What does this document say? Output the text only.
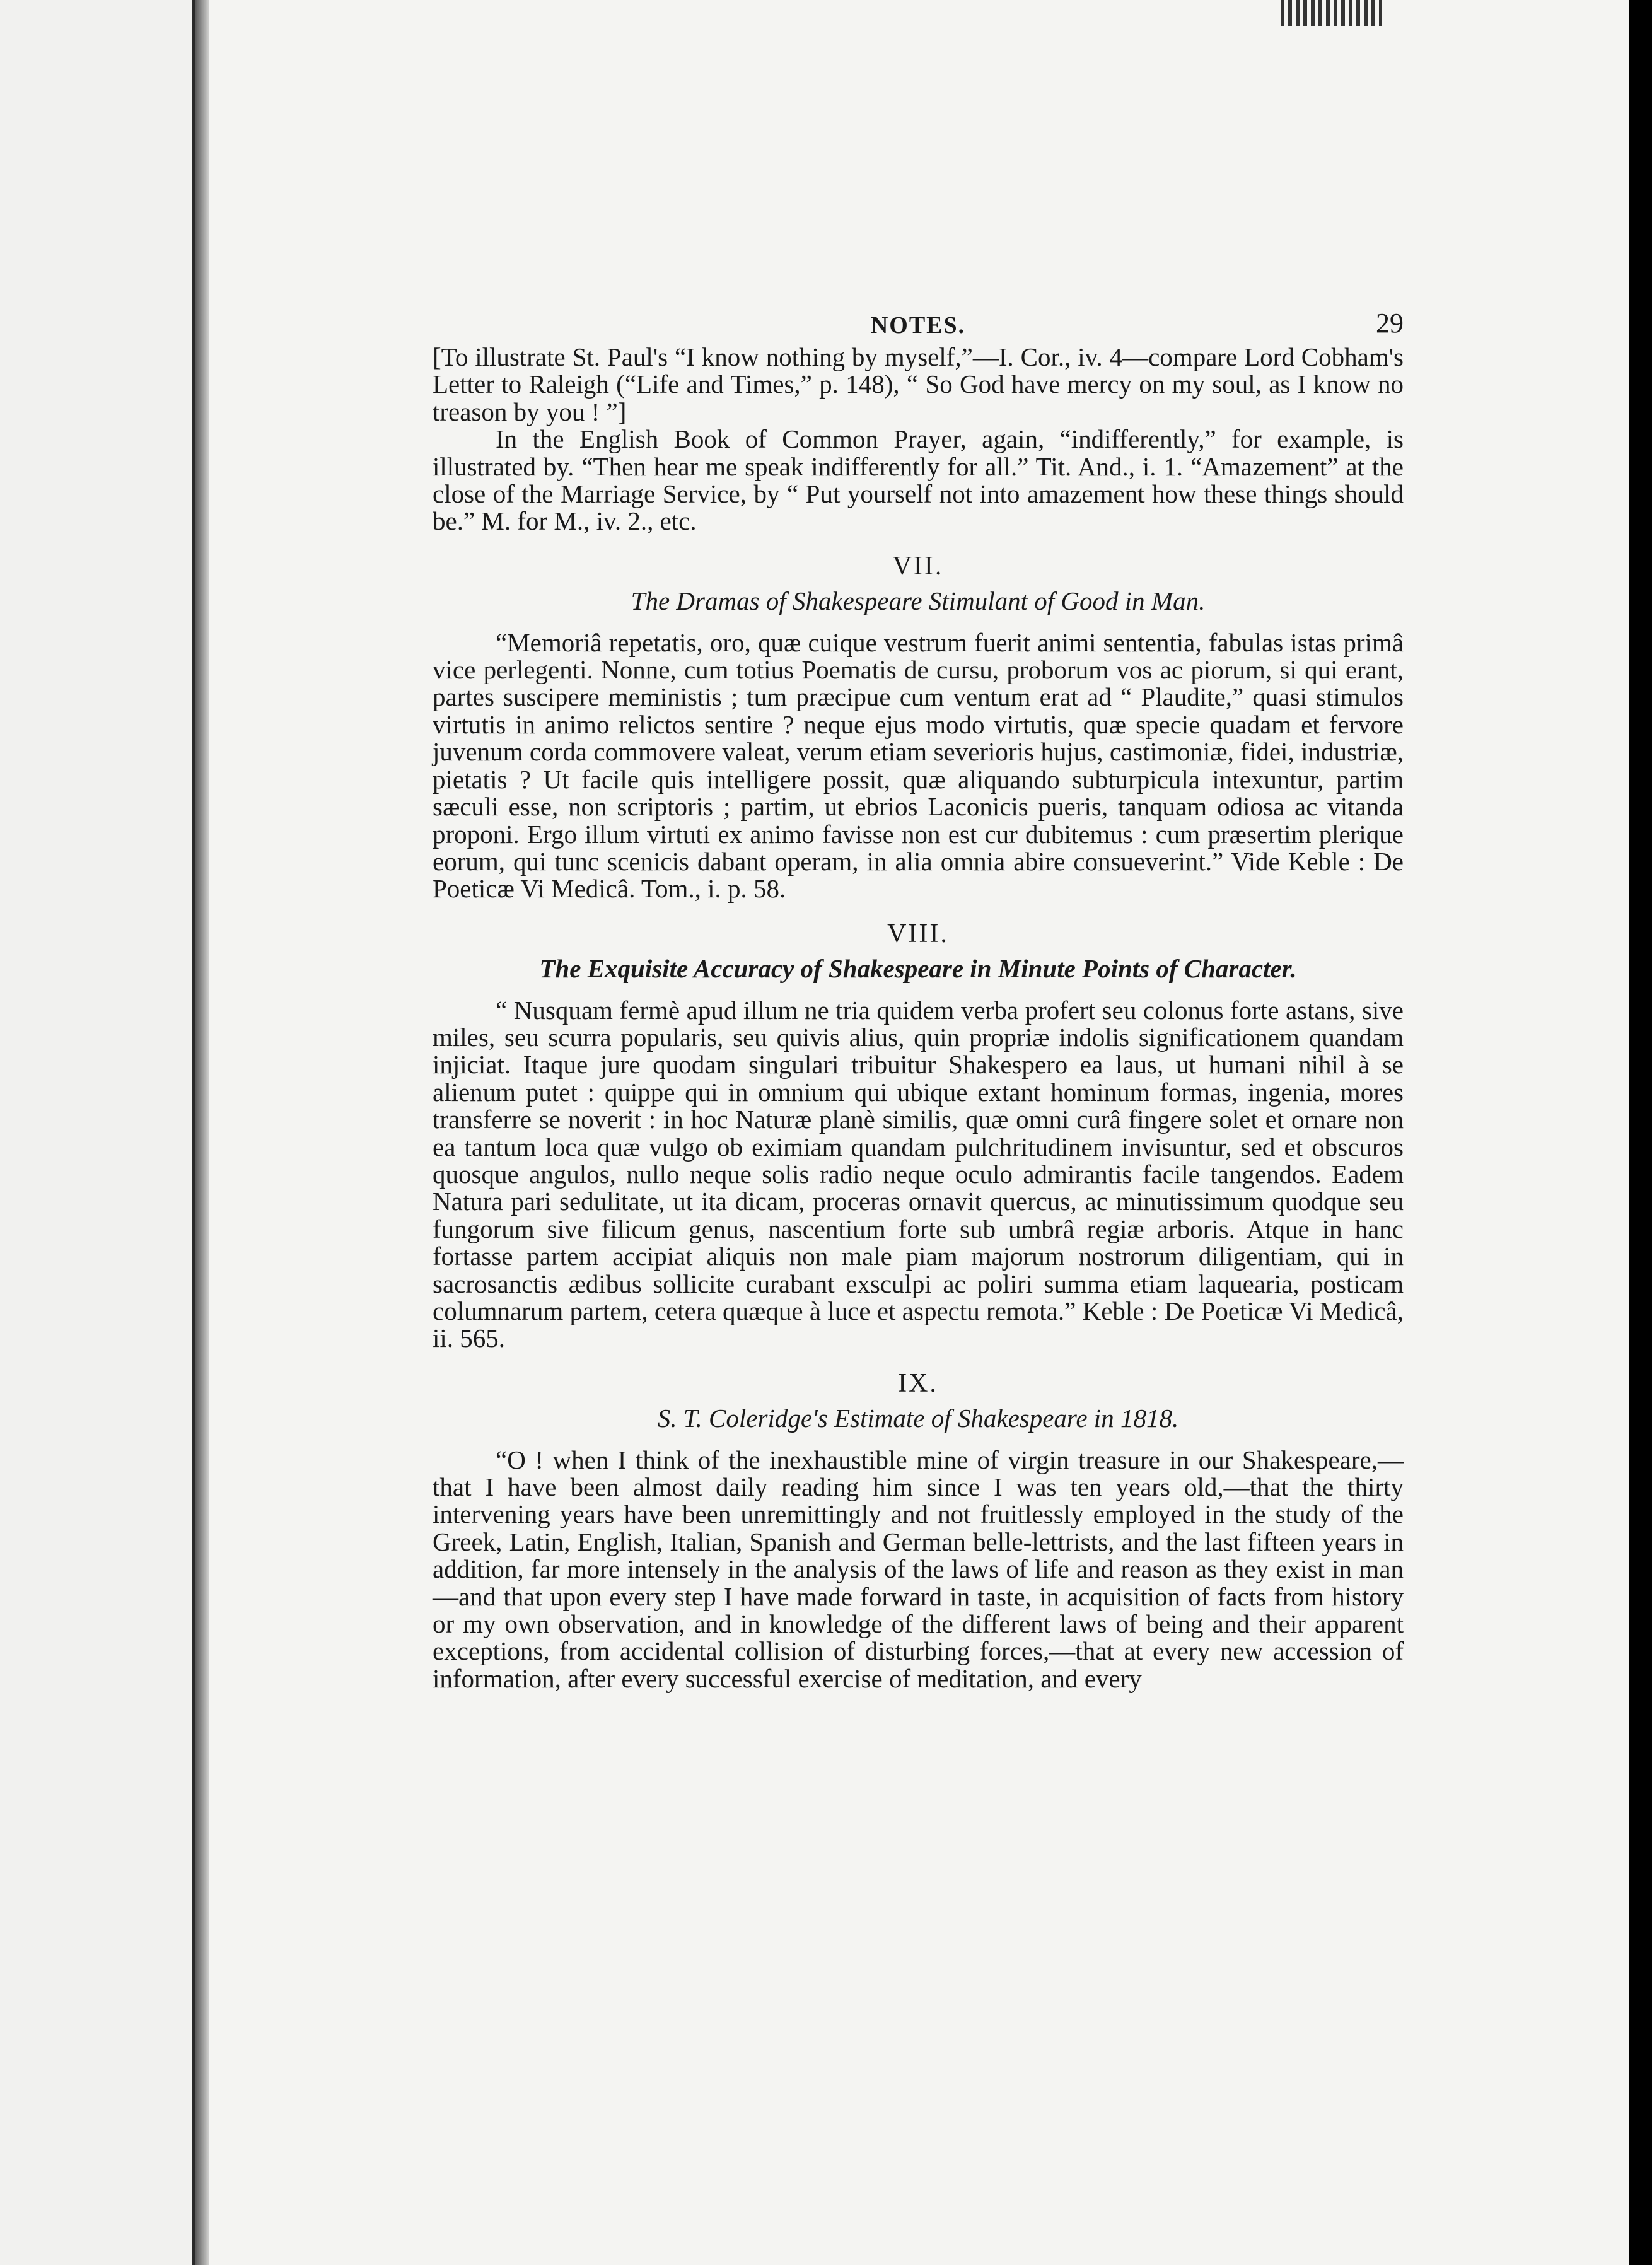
NOTES.	29

[To illustrate St. Paul's “I know nothing by myself,”—I. Cor., iv. 4—compare Lord Cobham's Letter to Raleigh (“Life and Times,” p. 148), “ So God have mercy on my soul, as I know no treason by you ! ”]

In the English Book of Common Prayer, again, “indifferently,” for example, is illustrated by. “Then hear me speak indifferently for all.” Tit. And., i. 1. “Amazement” at the close of the Marriage Service, by “ Put yourself not into amazement how these things should be.” M. for M., iv. 2., etc.

VII.
The Dramas of Shakespeare Stimulant of Good in Man.

“Memoriâ repetatis, oro, quæ cuique vestrum fuerit animi sententia, fabulas istas primâ vice perlegenti. Nonne, cum totius Poematis de cursu, proborum vos ac piorum, si qui erant, partes suscipere meministis ; tum præcipue cum ventum erat ad “ Plaudite,” quasi stimulos virtutis in animo relictos sentire ? neque ejus modo virtutis, quæ specie quadam et fervore juvenum corda commovere valeat, verum etiam severioris hujus, castimoniæ, fidei, industriæ, pietatis ? Ut facile quis intelligere possit, quæ aliquando subturpicula intexuntur, partim sæculi esse, non scriptoris ; partim, ut ebrios Laconicis pueris, tanquam odiosa ac vitanda proponi. Ergo illum virtuti ex animo favisse non est cur dubitemus : cum præsertim plerique eorum, qui tunc scenicis dabant operam, in alia omnia abire consueverint.” Vide Keble : De Poeticæ Vi Medicâ. Tom., i. p. 58.

VIII.
The Exquisite Accuracy of Shakespeare in Minute Points of Character.

“ Nusquam fermè apud illum ne tria quidem verba profert seu colonus forte astans, sive miles, seu scurra popularis, seu quivis alius, quin propriæ indolis significationem quandam injiciat. Itaque jure quodam singulari tribuitur Shakespero ea laus, ut humani nihil à se alienum putet : quippe qui in omnium qui ubique extant hominum formas, ingenia, mores transferre se noverit : in hoc Naturæ planè similis, quæ omni curâ fingere solet et ornare non ea tantum loca quæ vulgo ob eximiam quandam pulchritudinem invisuntur, sed et obscuros quosque angulos, nullo neque solis radio neque oculo admirantis facile tangendos. Eadem Natura pari sedulitate, ut ita dicam, proceras ornavit quercus, ac minutissimum quodque seu fungorum sive filicum genus, nascentium forte sub umbrâ regiæ arboris. Atque in hanc fortasse partem accipiat aliquis non male piam majorum nostrorum diligentiam, qui in sacrosanctis ædibus sollicite curabant exsculpi ac poliri summa etiam laquearia, posticam columnarum partem, cetera quæque à luce et aspectu remota.” Keble : De Poeticæ Vi Medicâ, ii. 565.

IX.
S. T. Coleridge's Estimate of Shakespeare in 1818.

“O ! when I think of the inexhaustible mine of virgin treasure in our Shakespeare,—that I have been almost daily reading him since I was ten years old,—that the thirty intervening years have been unremittingly and not fruitlessly employed in the study of the Greek, Latin, English, Italian, Spanish and German belle-lettrists, and the last fifteen years in addition, far more intensely in the analysis of the laws of life and reason as they exist in man—and that upon every step I have made forward in taste, in acquisition of facts from history or my own observation, and in knowledge of the different laws of being and their apparent exceptions, from accidental collision of disturbing forces,—that at every new accession of information, after every successful exercise of meditation, and every
